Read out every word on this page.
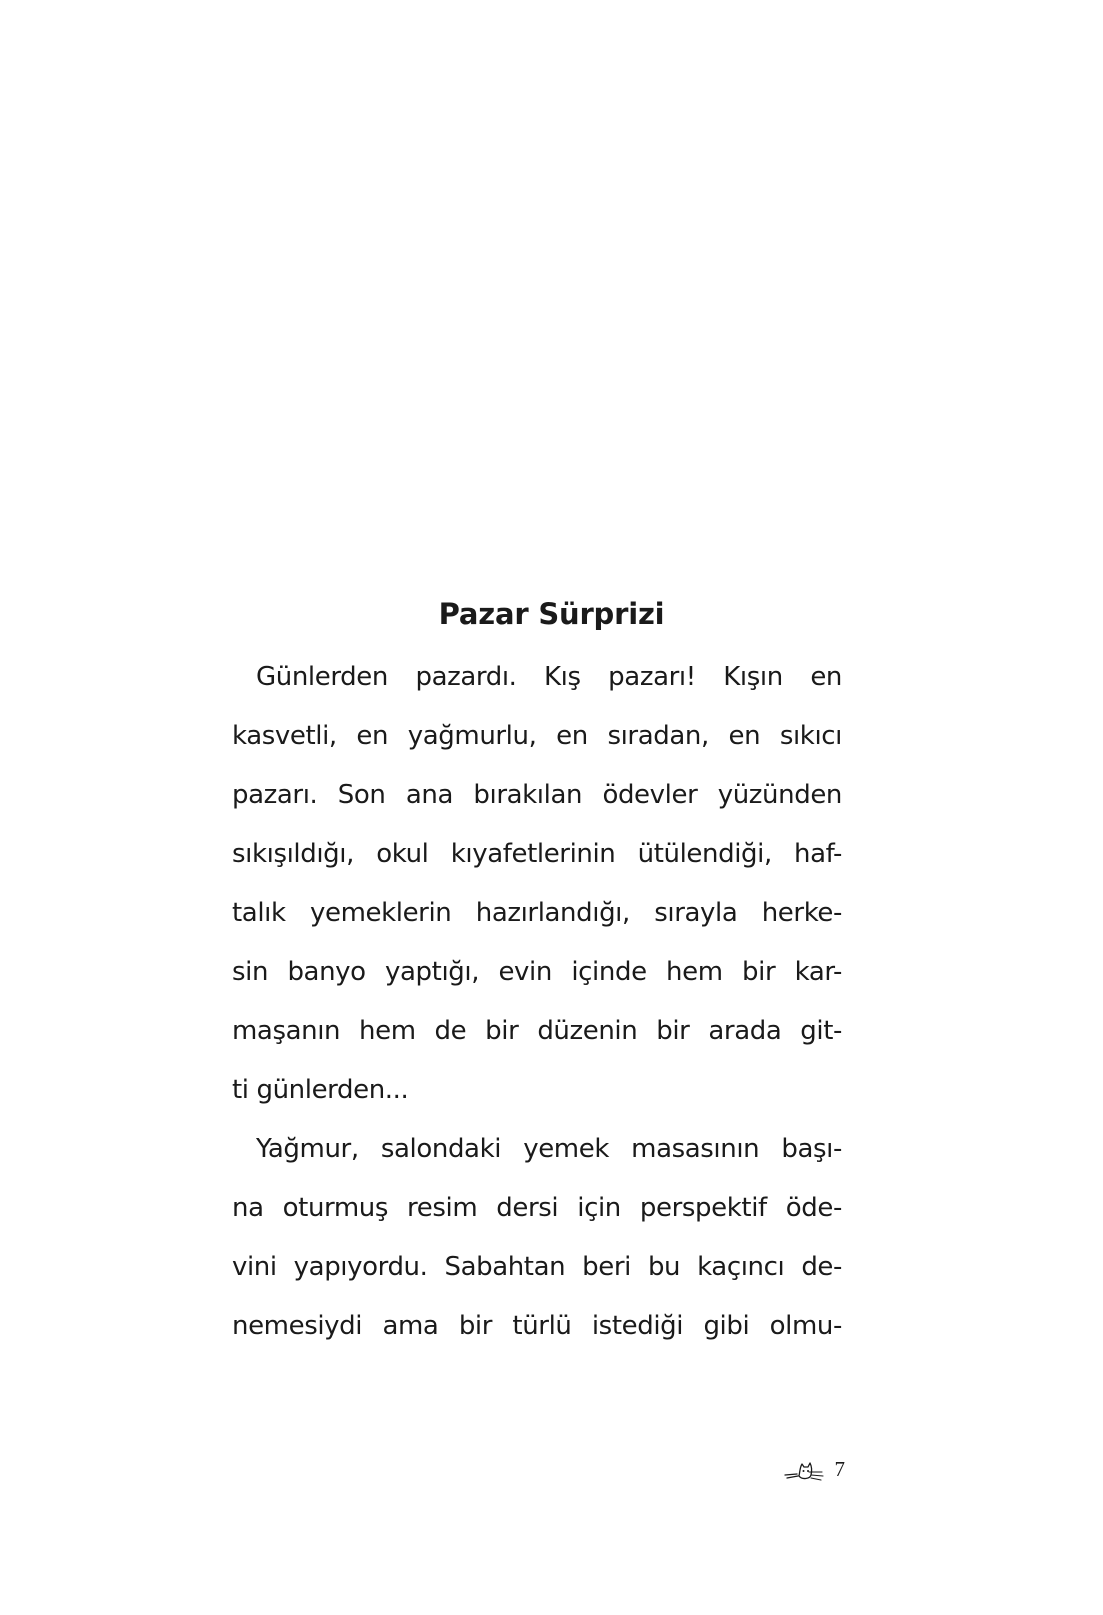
Pazar Sürprizi
Günlerden pazardı. Kış pazarı! Kışın en
kasvetli, en yağmurlu, en sıradan, en sıkıcı
pazarı. Son ana bırakılan ödevler yüzünden
sıkışıldığı, okul kıyafetlerinin ütülendiği, haf-
talık yemeklerin hazırlandığı, sırayla herke-
sin banyo yaptığı, evin içinde hem bir kar-
maşanın hem de bir düzenin bir arada git-
ti günlerden...
Yağmur, salondaki yemek masasının başı-
na oturmuş resim dersi için perspektif öde-
vini yapıyordu. Sabahtan beri bu kaçıncı de-
nemesiydi ama bir türlü istediği gibi olmu-
7
